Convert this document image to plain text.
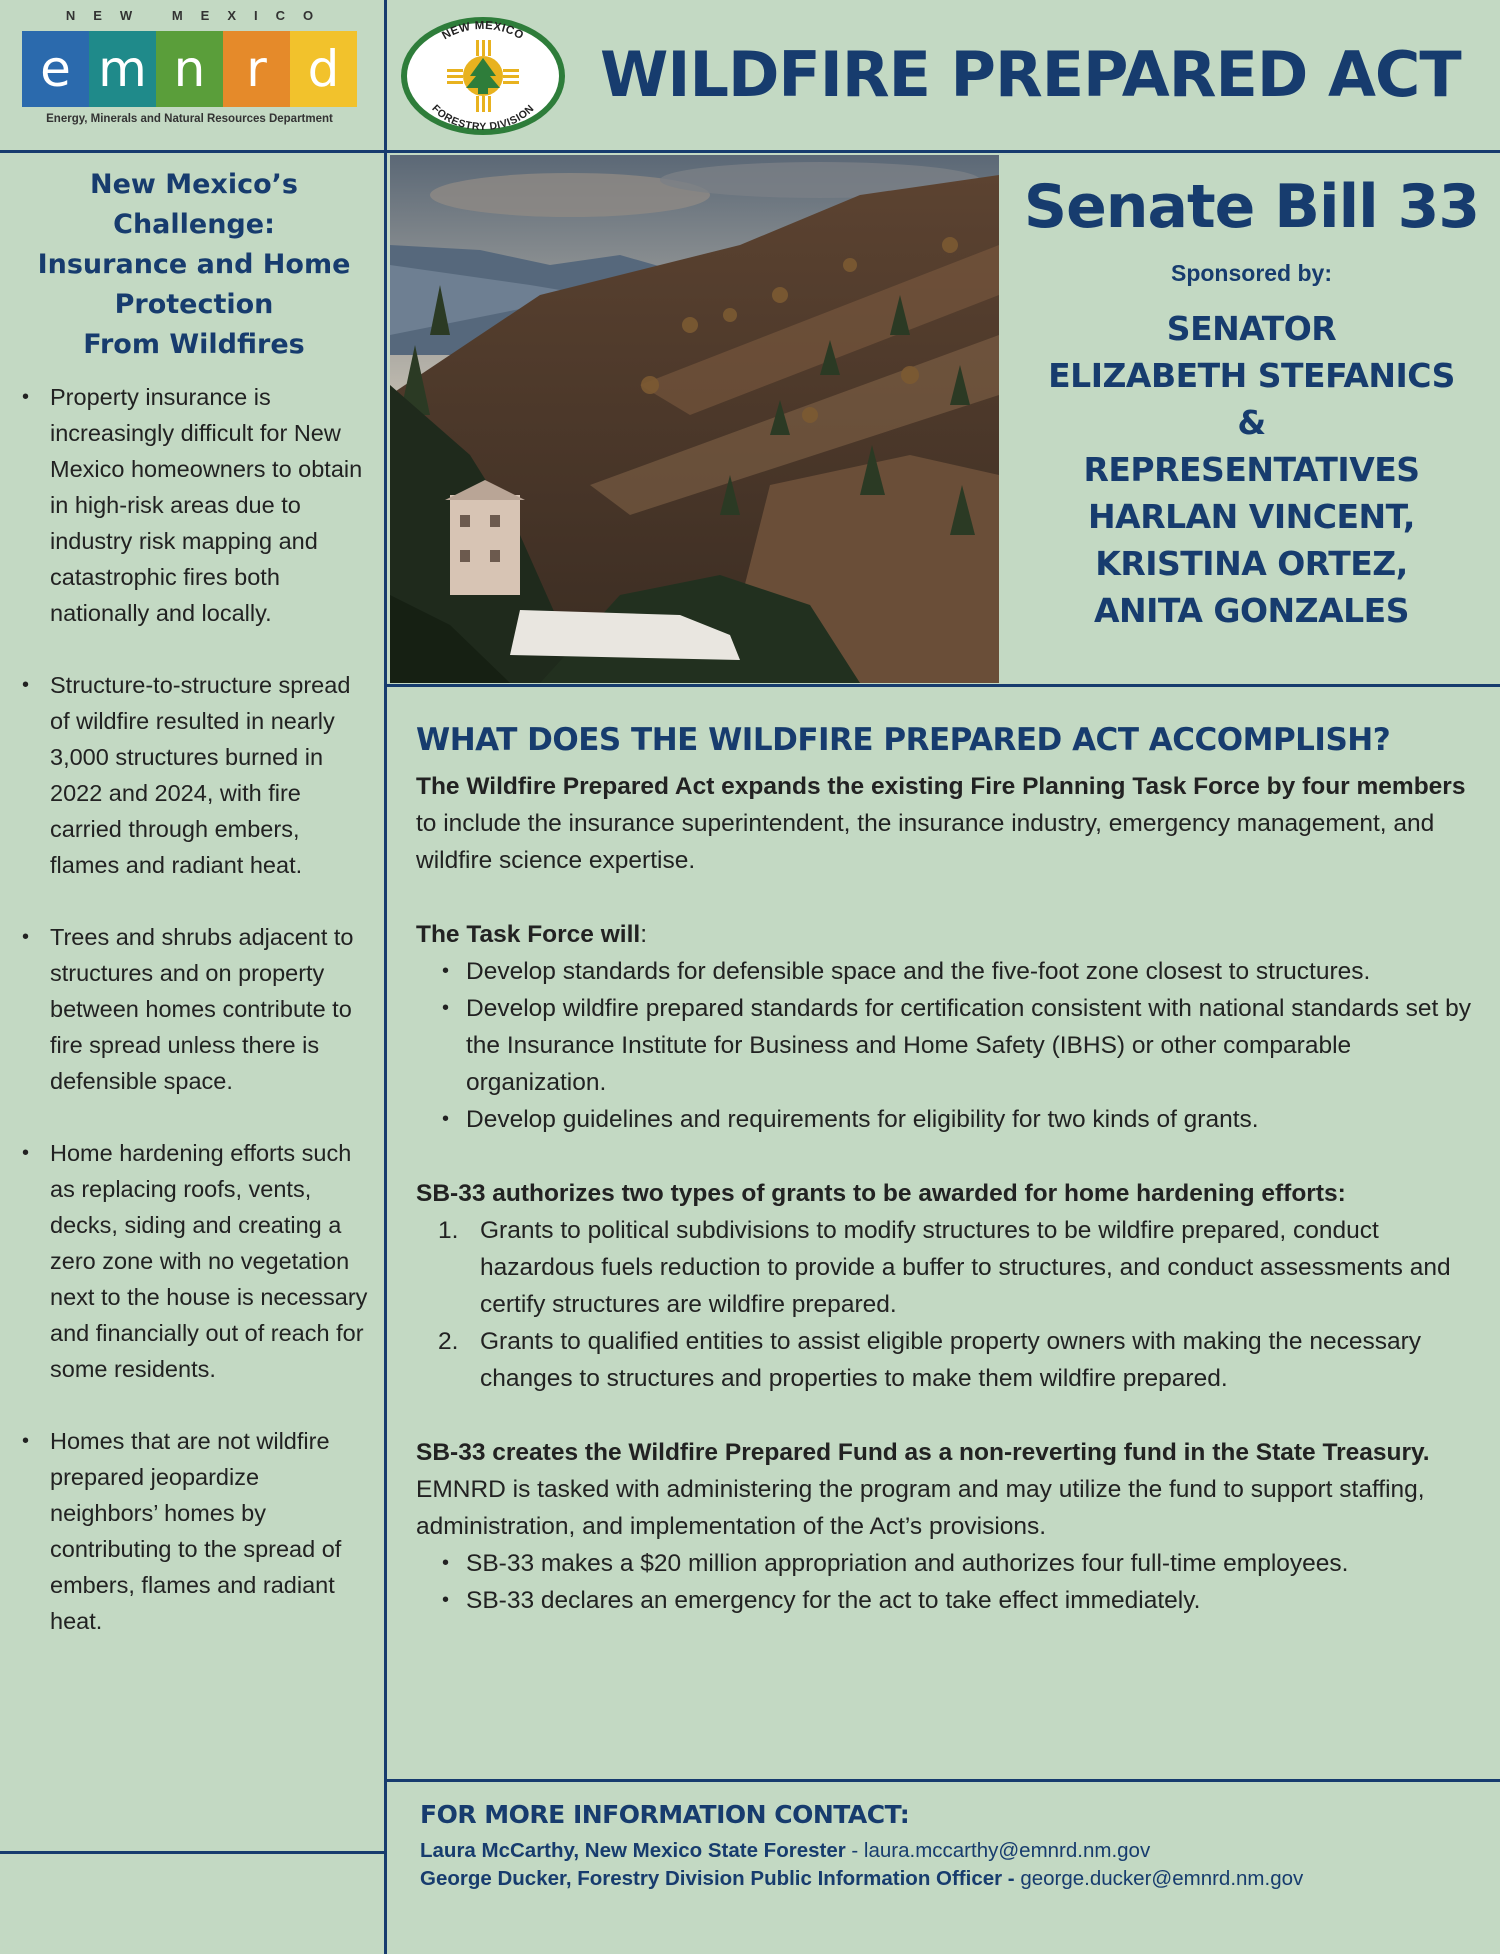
NEW MEXICO
e m n r d
Energy, Minerals and Natural Resources Department
NEW MEXICO
FORESTRY DIVISION WILDFIRE PREPARED ACT
New Mexico’s
Challenge:
Insurance and Home
Protection
From Wildfires
• Property insurance is increasingly difficult for New Mexico homeowners to obtain in high-risk areas due to industry risk mapping and catastrophic fires both nationally and locally.
• Structure-to-structure spread of wildfire resulted in nearly 3,000 structures burned in 2022 and 2024, with fire carried through embers, flames and radiant heat.
• Trees and shrubs adjacent to structures and on property between homes contribute to fire spread unless there is defensible space.
• Home hardening efforts such as replacing roofs, vents, decks, siding and creating a zero zone with no vegetation next to the house is necessary and financially out of reach for some residents.
• Homes that are not wildfire prepared jeopardize neighbors’ homes by contributing to the spread of embers, flames and radiant heat.
Senate Bill 33
Sponsored by:
SENATOR
ELIZABETH STEFANICS
&
REPRESENTATIVES
HARLAN VINCENT,
KRISTINA ORTEZ,
ANITA GONZALES
WHAT DOES THE WILDFIRE PREPARED ACT ACCOMPLISH?

The Wildfire Prepared Act expands the existing Fire Planning Task Force by four members to include the insurance superintendent, the insurance industry, emergency management, and wildfire science expertise.

The Task Force will:

• Develop standards for defensible space and the five-foot zone closest to structures.
• Develop wildfire prepared standards for certification consistent with national standards set by the Insurance Institute for Business and Home Safety (IBHS) or other comparable organization.
• Develop guidelines and requirements for eligibility for two kinds of grants.

SB-33 authorizes two types of grants to be awarded for home hardening efforts:

1. Grants to political subdivisions to modify structures to be wildfire prepared, conduct hazardous fuels reduction to provide a buffer to structures, and conduct assessments and certify structures are wildfire prepared.
2. Grants to qualified entities to assist eligible property owners with making the necessary changes to structures and properties to make them wildfire prepared.

SB-33 creates the Wildfire Prepared Fund as a non-reverting fund in the State Treasury. EMNRD is tasked with administering the program and may utilize the fund to support staffing, administration, and implementation of the Act’s provisions.

• SB-33 makes a $20 million appropriation and authorizes four full-time employees.
• SB-33 declares an emergency for the act to take effect immediately.
FOR MORE INFORMATION CONTACT:
Laura McCarthy, New Mexico State Forester - laura.mccarthy@emnrd.nm.gov
George Ducker, Forestry Division Public Information Officer - george.ducker@emnrd.nm.gov
